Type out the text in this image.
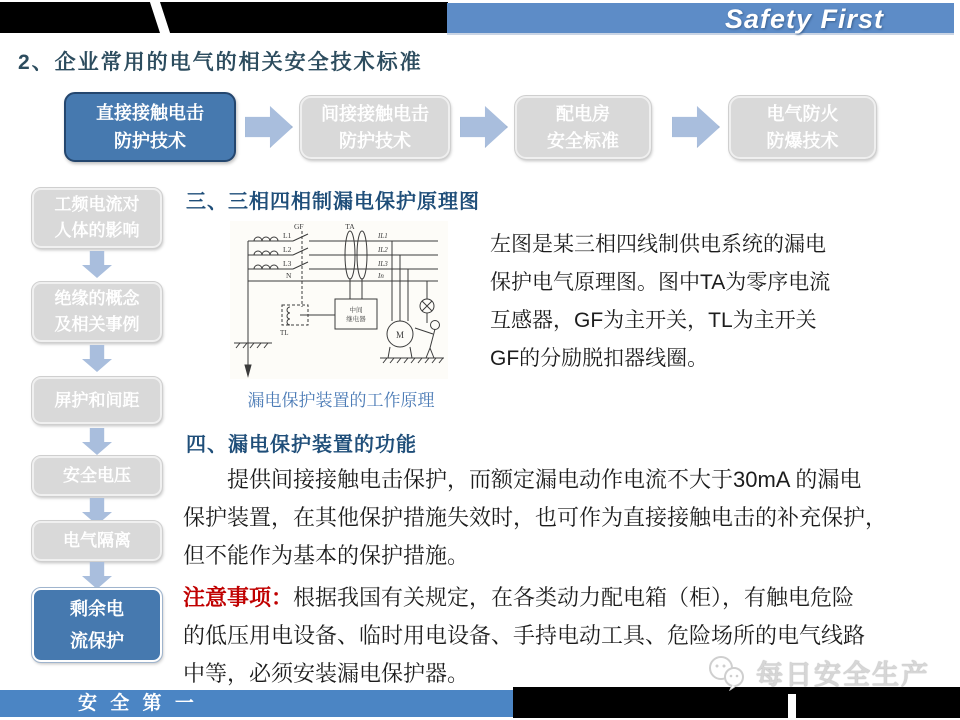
Safety First
2、企业常用的电气的相关安全技术标准
直接接触电击
防护技术
间接接触电击
防护技术
配电房
安全标准
电气防火
防爆技术
工频电流对
人体的影响
绝缘的概念
及相关事例
屏护和间距
安全电压
电气隔离
剩余电
流保护
三、三相四相制漏电保护原理图
L1
L2
L3
N
GF	TA
TL
IL1
IL2
IL3
In
中间
继电器
M
漏电保护装置的工作原理
左图是某三相四线制供电系统的漏电
保护电气原理图。图中TA为零序电流
互感器，GF为主开关，TL为主开关
GF的分励脱扣器线圈。
四、漏电保护装置的功能
提供间接接触电击保护，而额定漏电动作电流不大于30mA 的漏电
保护装置，在其他保护措施失效时，也可作为直接接触电击的补充保护，
但不能作为基本的保护措施。
注意事项：根据我国有关规定，在各类动力配电箱（柜），有触电危险
的低压用电设备、临时用电设备、手持电动工具、危险场所的电气线路
中等，必须安装漏电保护器。	每日安全生产
安 全 第 一
